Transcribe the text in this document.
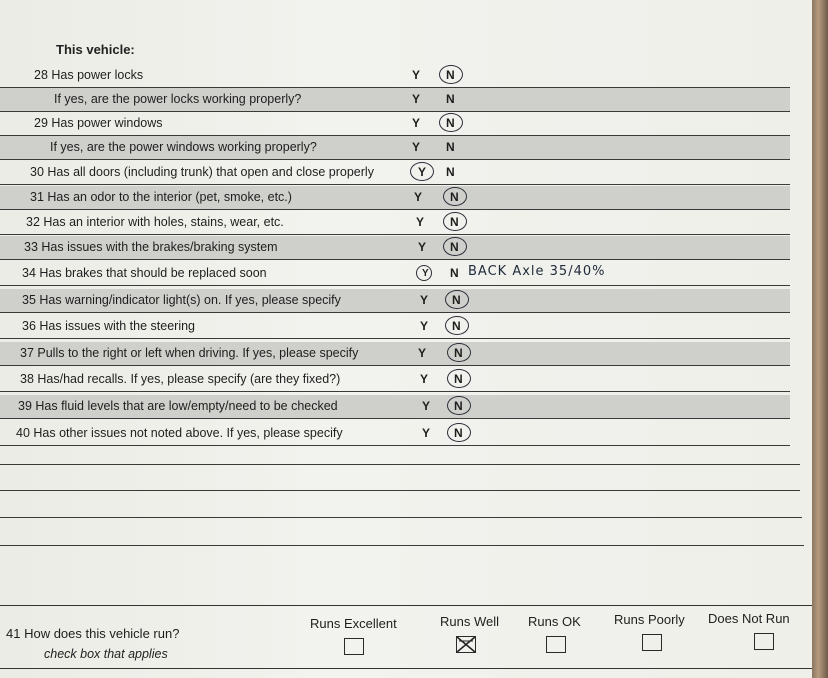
This vehicle:
28 Has power locks	Y N
If yes, are the power locks working properly?	Y N
29 Has power windows	Y N
If yes, are the power windows working properly?	Y N
30 Has all doors (including trunk) that open and close properly	Y N
31 Has an odor to the interior (pet, smoke, etc.)	Y N
32 Has an interior with holes, stains, wear, etc.	Y N
33 Has issues with the brakes/braking system	Y N
34 Has brakes that should be replaced soon	Y N BACK Axle 35/40%
35 Has warning/indicator light(s) on. If yes, please specify	Y N
36 Has issues with the steering	Y N
37 Pulls to the right or left when driving. If yes, please specify	Y N
38 Has/had recalls. If yes, please specify (are they fixed?)	Y N
39 Has fluid levels that are low/empty/need to be checked	Y N
40 Has other issues not noted above. If yes, please specify	Y N
41 How does this vehicle run?
check box that applies
Runs Excellent	Runs Well Runs OK	Runs Poorly Does Not Run
